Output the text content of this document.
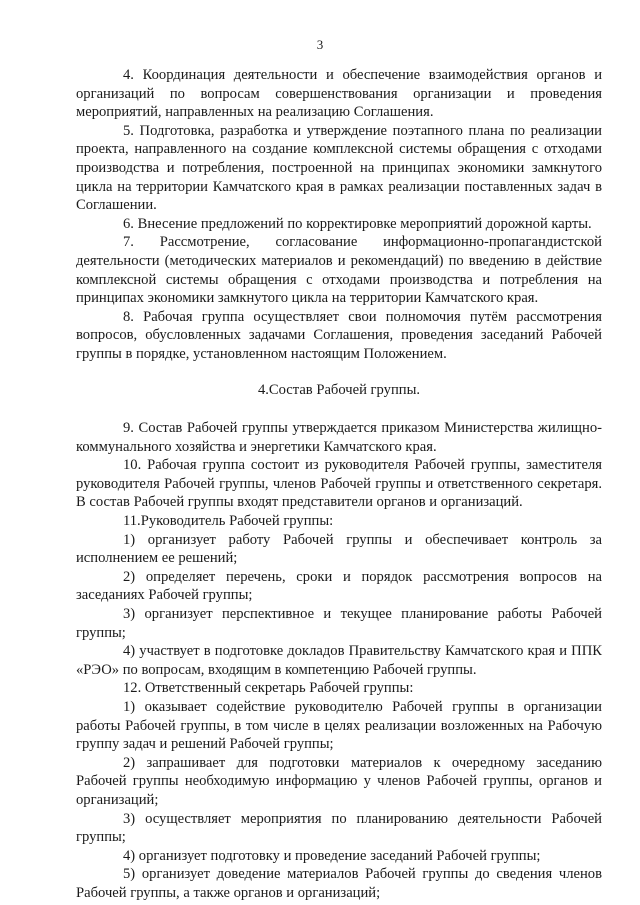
3

4. Координация деятельности и обеспечение взаимодействия органов и организаций по вопросам совершенствования организации и проведения мероприятий, направленных на реализацию Соглашения.

5. Подготовка, разработка и утверждение поэтапного плана по реализации проекта, направленного на создание комплексной системы обращения с отходами производства и потребления, построенной на принципах экономики замкнутого цикла на территории Камчатского края в рамках реализации поставленных задач в Соглашении.

6. Внесение предложений по корректировке мероприятий дорожной карты.

7. Рассмотрение, согласование информационно-пропагандистской деятельности (методических материалов и рекомендаций) по введению в действие комплексной системы обращения с отходами производства и потребления на принципах экономики замкнутого цикла на территории Камчатского края.

8. Рабочая группа осуществляет свои полномочия путём рассмотрения вопросов, обусловленных задачами Соглашения, проведения заседаний Рабочей группы в порядке, установленном настоящим Положением.

4.Состав Рабочей группы.

9. Состав Рабочей группы утверждается приказом Министерства жилищно-коммунального хозяйства и энергетики Камчатского края.

10. Рабочая группа состоит из руководителя Рабочей группы, заместителя руководителя Рабочей группы, членов Рабочей группы и ответственного секретаря. В состав Рабочей группы входят представители органов и организаций.

11.Руководитель Рабочей группы:

1) организует работу Рабочей группы и обеспечивает контроль за исполнением ее решений;

2) определяет перечень, сроки и порядок рассмотрения вопросов на заседаниях Рабочей группы;

3) организует перспективное и текущее планирование работы Рабочей группы;

4) участвует в подготовке докладов Правительству Камчатского края и ППК «РЭО» по вопросам, входящим в компетенцию Рабочей группы.

12. Ответственный секретарь Рабочей группы:

1) оказывает содействие руководителю Рабочей группы в организации работы Рабочей группы, в том числе в целях реализации возложенных на Рабочую группу задач и решений Рабочей группы;

2) запрашивает для подготовки материалов к очередному заседанию Рабочей группы необходимую информацию у членов Рабочей группы, органов и организаций;

3) осуществляет мероприятия по планированию деятельности Рабочей группы;

4) организует подготовку и проведение заседаний Рабочей группы;

5) организует доведение материалов Рабочей группы до сведения членов Рабочей группы, а также органов и организаций;
